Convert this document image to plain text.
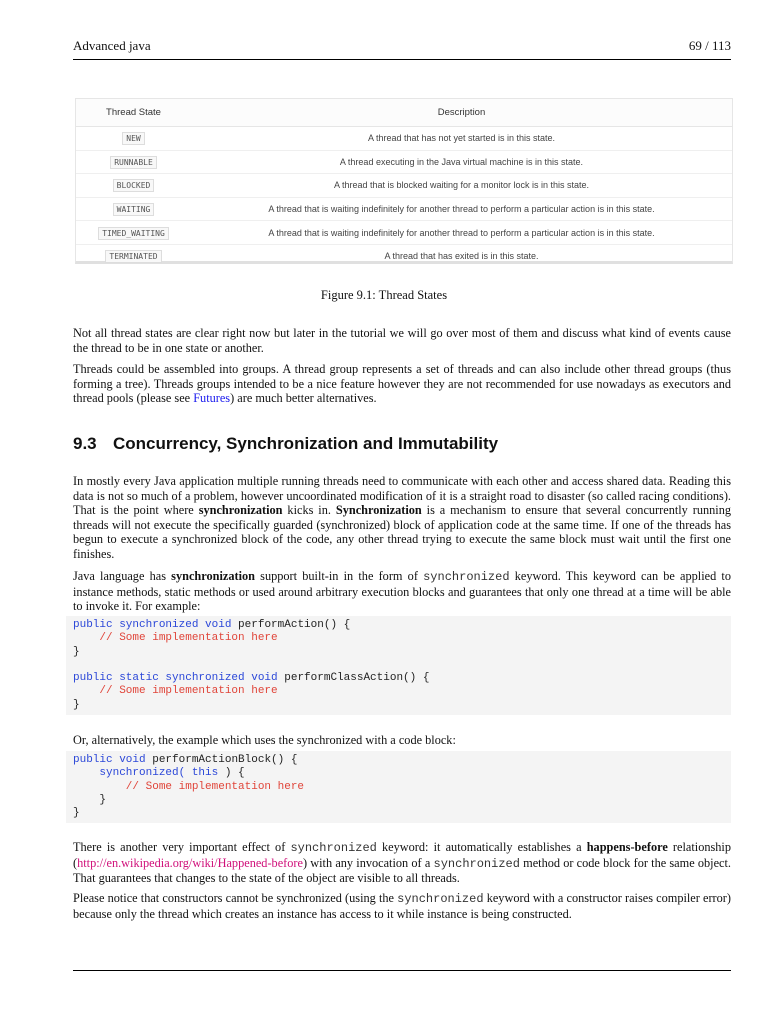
Advanced java	69 / 113
Thread State	Description
NEW	A thread that has not yet started is in this state.
RUNNABLE	A thread executing in the Java virtual machine is in this state.
BLOCKED	A thread that is blocked waiting for a monitor lock is in this state.
WAITING	A thread that is waiting indefinitely for another thread to perform a particular action is in this state.
TIMED_WAITING	A thread that is waiting indefinitely for another thread to perform a particular action is in this state.
TERMINATED	A thread that has exited is in this state.
Figure 9.1: Thread States

Not all thread states are clear right now but later in the tutorial we will go over most of them and discuss what kind of events cause the thread to be in one state or another.

Threads could be assembled into groups. A thread group represents a set of threads and can also include other thread groups (thus forming a tree). Threads groups intended to be a nice feature however they are not recommended for use nowadays as executors and thread pools (please see Futures) are much better alternatives.

9.3 Concurrency, Synchronization and Immutability

In mostly every Java application multiple running threads need to communicate with each other and access shared data. Reading this data is not so much of a problem, however uncoordinated modification of it is a straight road to disaster (so called racing conditions). That is the point where synchronization kicks in. Synchronization is a mechanism to ensure that several concurrently running threads will not execute the specifically guarded (synchronized) block of application code at the same time. If one of the threads has begun to execute a synchronized block of the code, any other thread trying to execute the same block must wait until the first one finishes.

Java language has synchronization support built-in in the form of synchronized keyword. This keyword can be applied to instance methods, static methods or used around arbitrary execution blocks and guarantees that only one thread at a time will be able to invoke it. For example:

public synchronized void performAction() {
// Some implementation here
}

public static synchronized void performClassAction() {
// Some implementation here
}

Or, alternatively, the example which uses the synchronized with a code block:

public void performActionBlock() {
synchronized( this ) {
// Some implementation here
}
}

There is another very important effect of synchronized keyword: it automatically establishes a happens-before relationship (http://en.wikipedia.org/wiki/Happened-before) with any invocation of a synchronized method or code block for the same object. That guarantees that changes to the state of the object are visible to all threads.

Please notice that constructors cannot be synchronized (using the synchronized keyword with a constructor raises compiler error) because only the thread which creates an instance has access to it while instance is being constructed.
